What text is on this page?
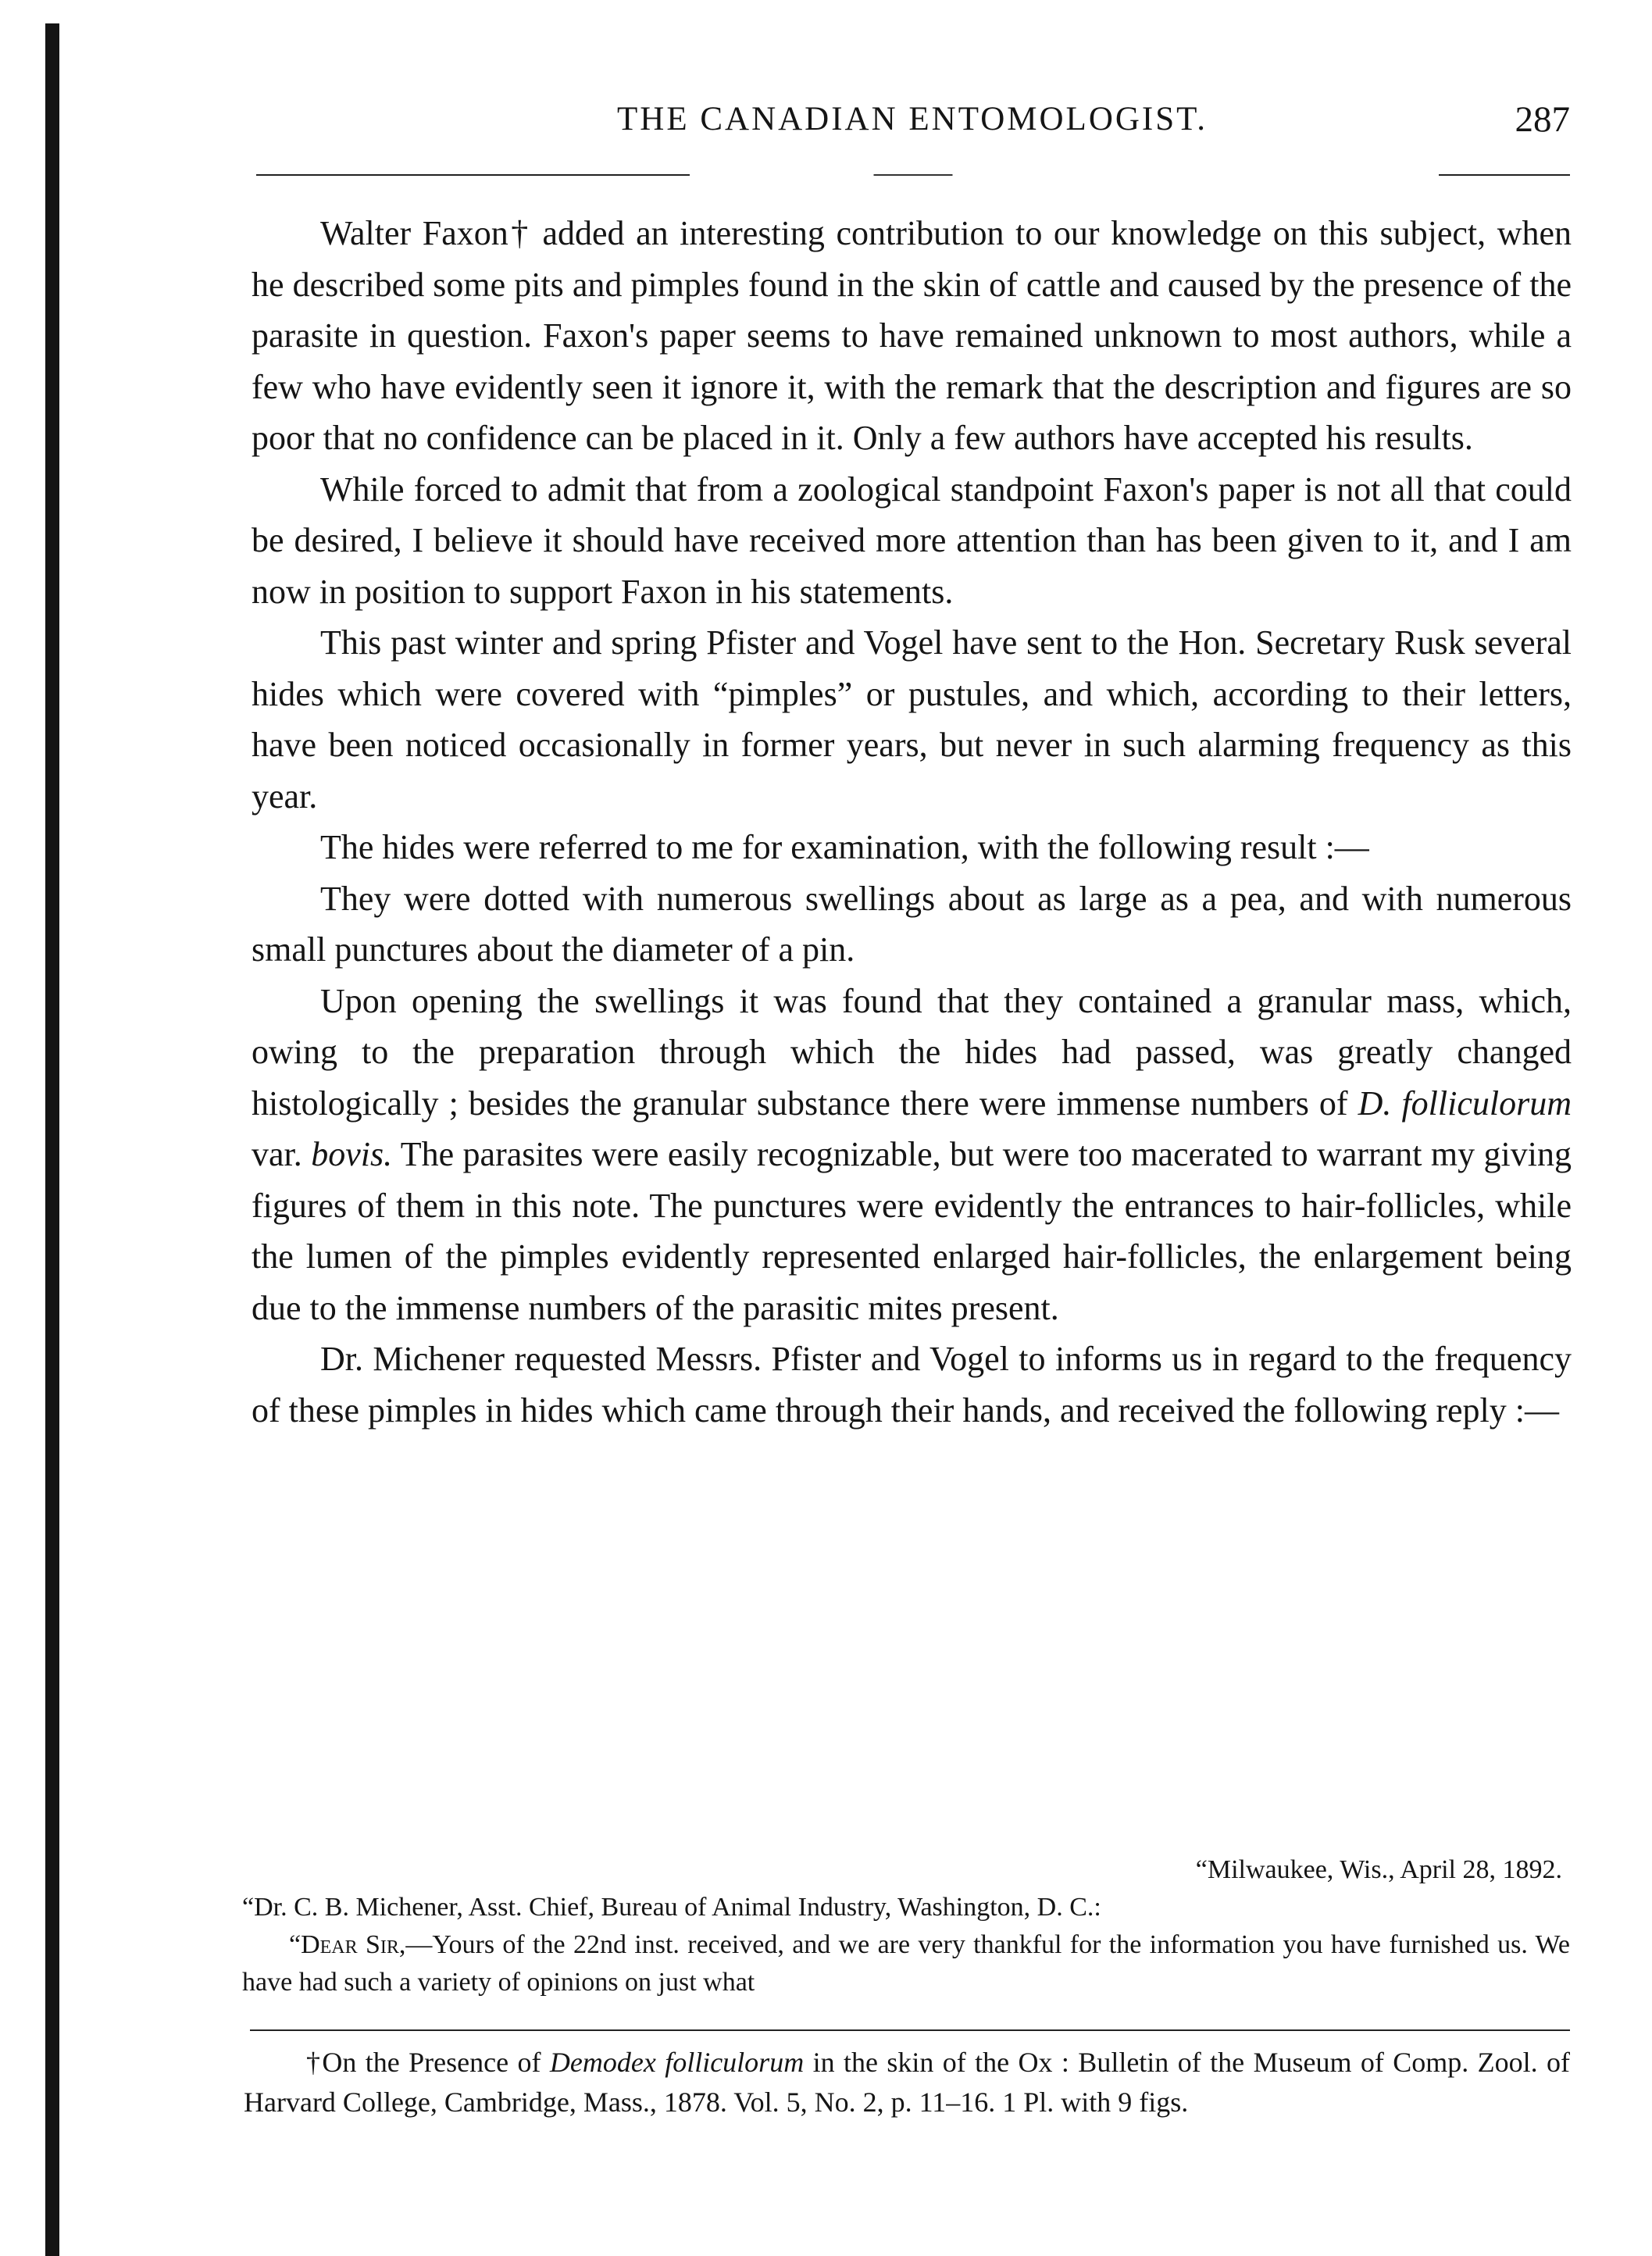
THE CANADIAN ENTOMOLOGIST.	287

Walter Faxon† added an interesting contribution to our knowledge on this subject, when he described some pits and pimples found in the skin of cattle and caused by the presence of the parasite in question. Faxon's paper seems to have remained unknown to most authors, while a few who have evidently seen it ignore it, with the remark that the description and figures are so poor that no confidence can be placed in it. Only a few authors have accepted his results.

While forced to admit that from a zoological standpoint Faxon's paper is not all that could be desired, I believe it should have received more attention than has been given to it, and I am now in position to support Faxon in his statements.

This past winter and spring Pfister and Vogel have sent to the Hon. Secretary Rusk several hides which were covered with “pimples” or pustules, and which, according to their letters, have been noticed occasionally in former years, but never in such alarming frequency as this year.

The hides were referred to me for examination, with the following result :—

They were dotted with numerous swellings about as large as a pea, and with numerous small punctures about the diameter of a pin.

Upon opening the swellings it was found that they contained a granular mass, which, owing to the preparation through which the hides had passed, was greatly changed histologically ; besides the granular substance there were immense numbers of D. folliculorum var. bovis. The parasites were easily recognizable, but were too macerated to warrant my giving figures of them in this note. The punctures were evidently the entrances to hair-follicles, while the lumen of the pimples evidently represented enlarged hair-follicles, the enlargement being due to the immense numbers of the parasitic mites present.

Dr. Michener requested Messrs. Pfister and Vogel to informs us in regard to the frequency of these pimples in hides which came through their hands, and received the following reply :—

“Milwaukee, Wis., April 28, 1892.

“Dr. C. B. Michener, Asst. Chief, Bureau of Animal Industry, Washington, D. C.:

“Dear Sir,—Yours of the 22nd inst. received, and we are very thankful for the information you have furnished us. We have had such a variety of opinions on just what

†On the Presence of Demodex folliculorum in the skin of the Ox : Bulletin of the Museum of Comp. Zool. of Harvard College, Cambridge, Mass., 1878. Vol. 5, No. 2, p. 11–16. 1 Pl. with 9 figs.
